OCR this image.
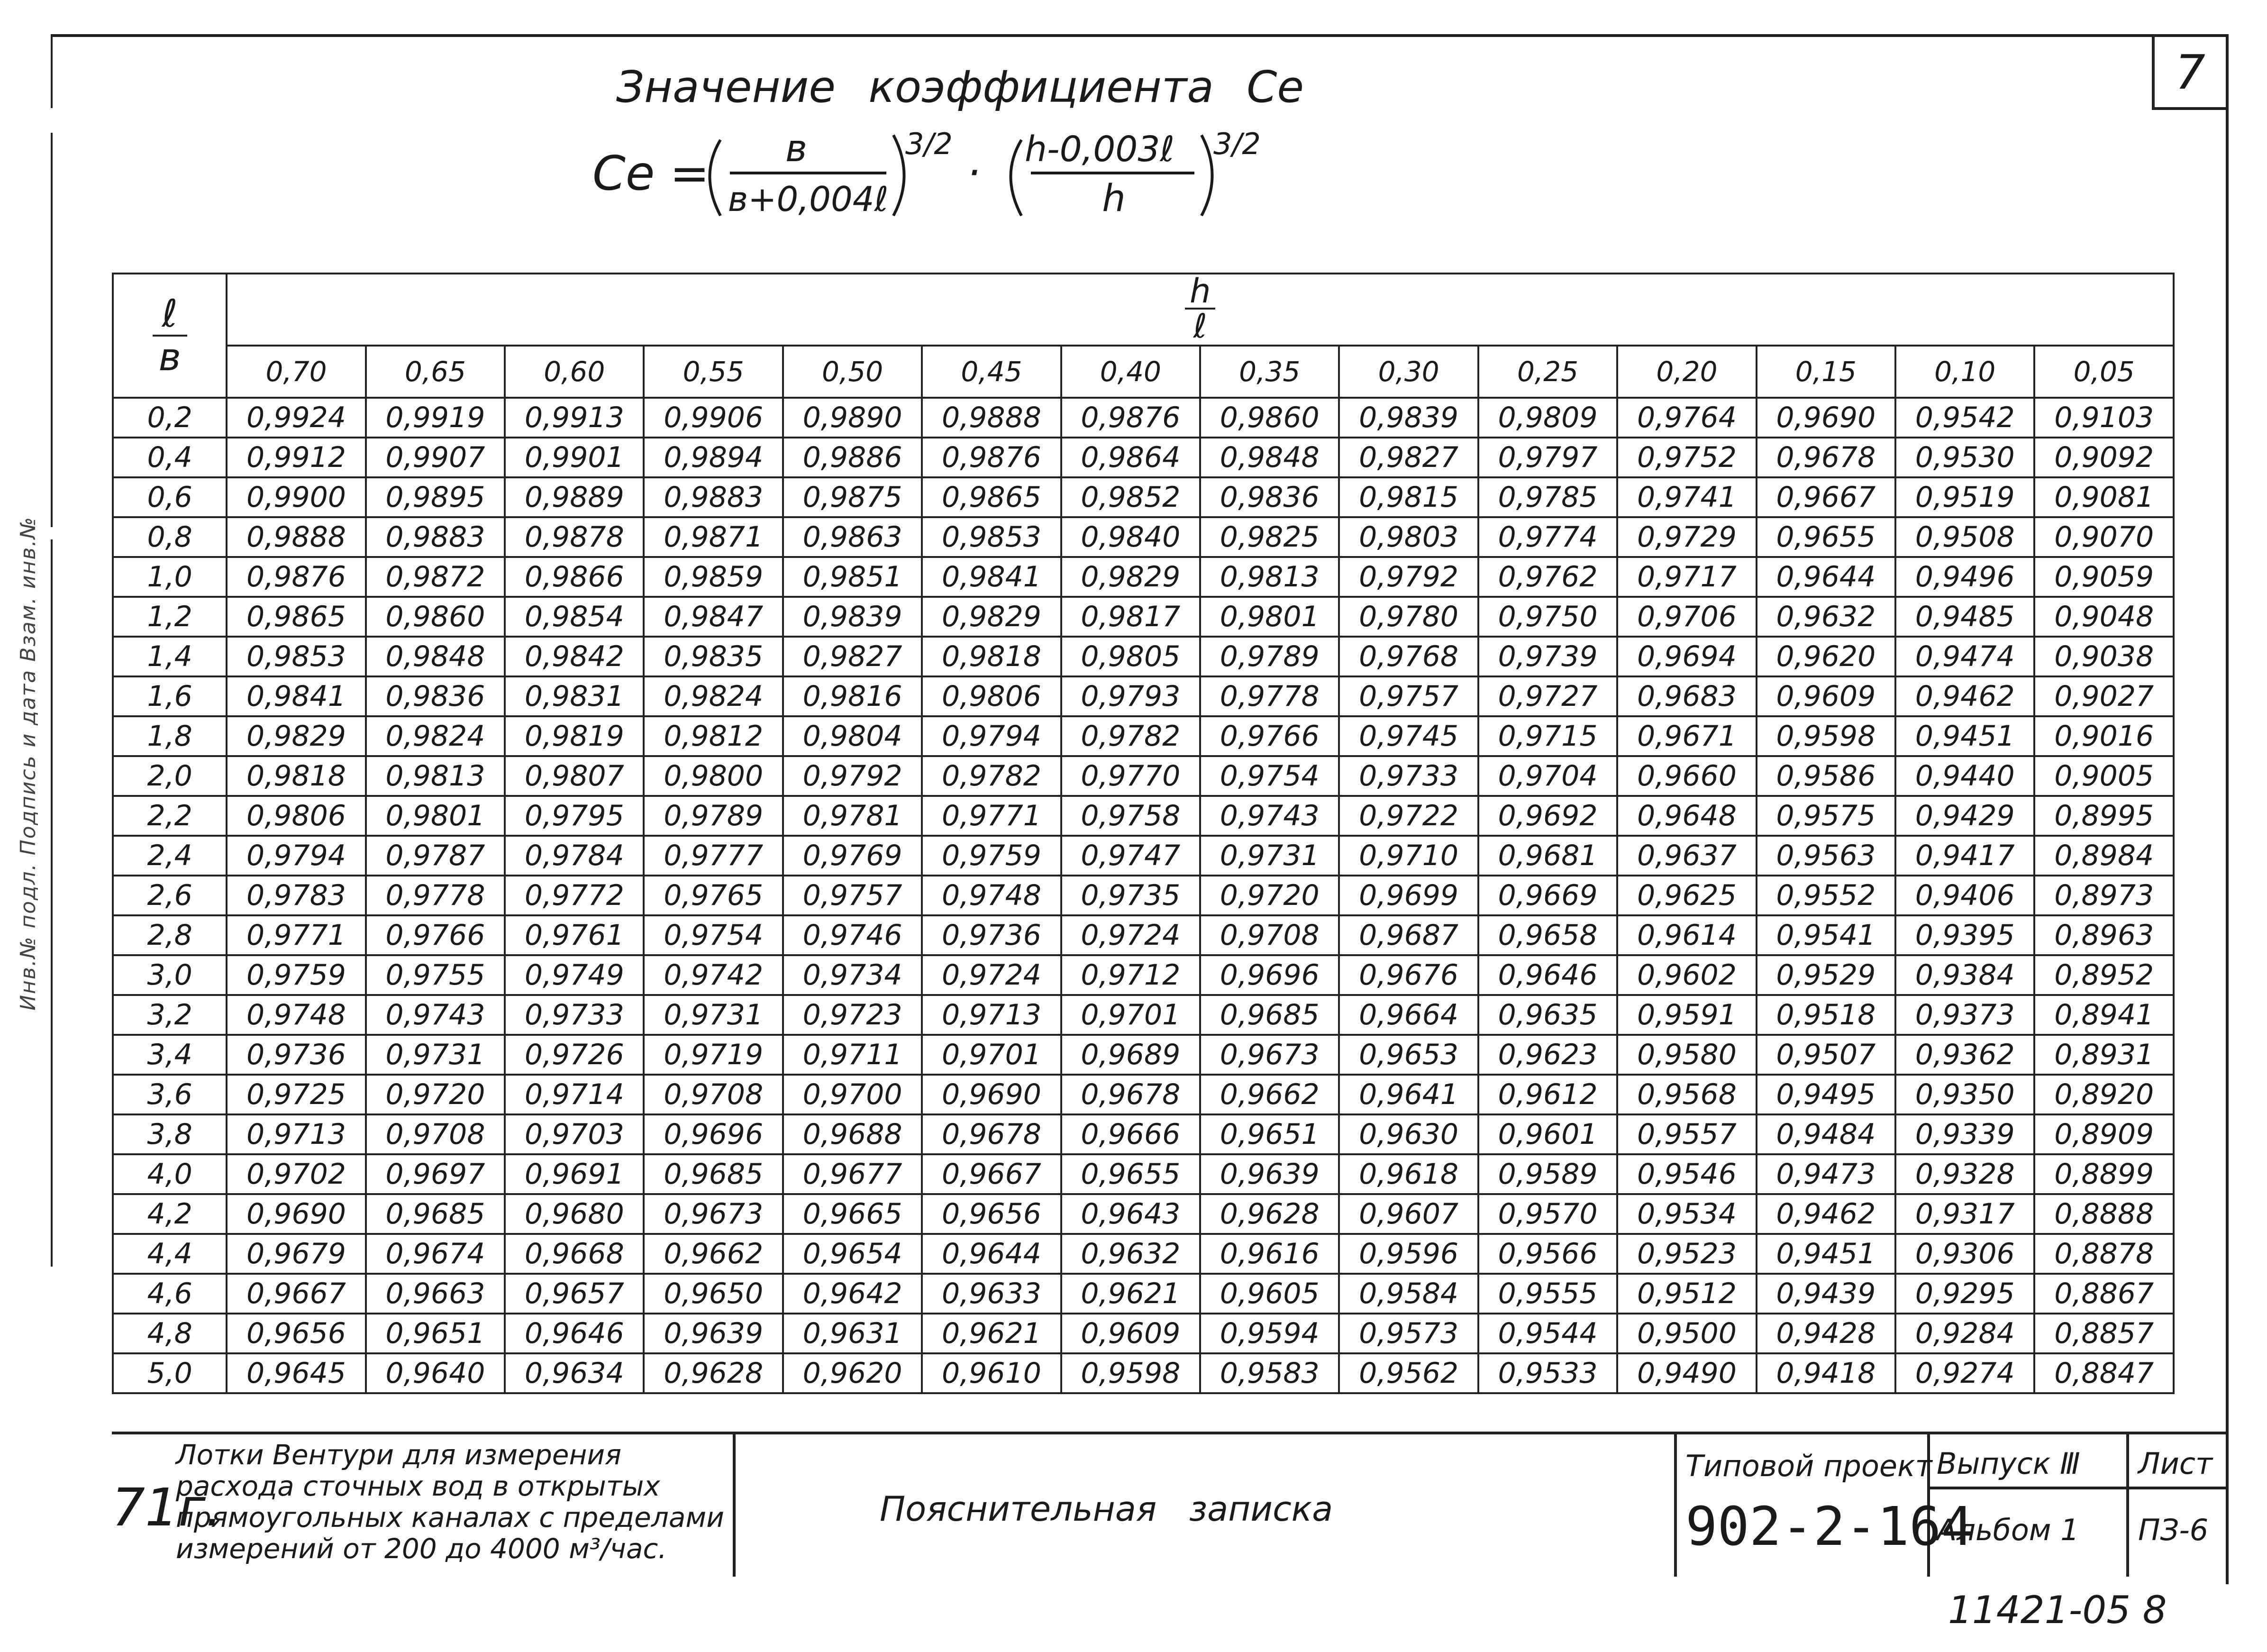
Инв.№ подл. Подпись и дата Взам. инв.№
7
Значение коэффициента Се
Се = в
в+0,004ℓ
3/2
· h-0,003ℓ
h
3/2
$\frac{\text{ℓ}}{в}$	$\frac{h}{\text{ℓ}}$
	0,70	0,65	0,60	0,55	0,50	0,45	0,40	0,35	0,30	0,25	0,20	0,15	0,10	0,05
0,2	0,9924	0,9919	0,9913	0,9906	0,9890	0,9888	0,9876	0,9860	0,9839	0,9809	0,9764	0,9690	0,9542	0,9103
0,4	0,9912	0,9907	0,9901	0,9894	0,9886	0,9876	0,9864	0,9848	0,9827	0,9797	0,9752	0,9678	0,9530	0,9092
0,6	0,9900	0,9895	0,9889	0,9883	0,9875	0,9865	0,9852	0,9836	0,9815	0,9785	0,9741	0,9667	0,9519	0,9081
0,8	0,9888	0,9883	0,9878	0,9871	0,9863	0,9853	0,9840	0,9825	0,9803	0,9774	0,9729	0,9655	0,9508	0,9070
1,0	0,9876	0,9872	0,9866	0,9859	0,9851	0,9841	0,9829	0,9813	0,9792	0,9762	0,9717	0,9644	0,9496	0,9059
1,2	0,9865	0,9860	0,9854	0,9847	0,9839	0,9829	0,9817	0,9801	0,9780	0,9750	0,9706	0,9632	0,9485	0,9048
1,4	0,9853	0,9848	0,9842	0,9835	0,9827	0,9818	0,9805	0,9789	0,9768	0,9739	0,9694	0,9620	0,9474	0,9038
1,6	0,9841	0,9836	0,9831	0,9824	0,9816	0,9806	0,9793	0,9778	0,9757	0,9727	0,9683	0,9609	0,9462	0,9027
1,8	0,9829	0,9824	0,9819	0,9812	0,9804	0,9794	0,9782	0,9766	0,9745	0,9715	0,9671	0,9598	0,9451	0,9016
2,0	0,9818	0,9813	0,9807	0,9800	0,9792	0,9782	0,9770	0,9754	0,9733	0,9704	0,9660	0,9586	0,9440	0,9005
2,2	0,9806	0,9801	0,9795	0,9789	0,9781	0,9771	0,9758	0,9743	0,9722	0,9692	0,9648	0,9575	0,9429	0,8995
2,4	0,9794	0,9787	0,9784	0,9777	0,9769	0,9759	0,9747	0,9731	0,9710	0,9681	0,9637	0,9563	0,9417	0,8984
2,6	0,9783	0,9778	0,9772	0,9765	0,9757	0,9748	0,9735	0,9720	0,9699	0,9669	0,9625	0,9552	0,9406	0,8973
2,8	0,9771	0,9766	0,9761	0,9754	0,9746	0,9736	0,9724	0,9708	0,9687	0,9658	0,9614	0,9541	0,9395	0,8963
3,0	0,9759	0,9755	0,9749	0,9742	0,9734	0,9724	0,9712	0,9696	0,9676	0,9646	0,9602	0,9529	0,9384	0,8952
3,2	0,9748	0,9743	0,9733	0,9731	0,9723	0,9713	0,9701	0,9685	0,9664	0,9635	0,9591	0,9518	0,9373	0,8941
3,4	0,9736	0,9731	0,9726	0,9719	0,9711	0,9701	0,9689	0,9673	0,9653	0,9623	0,9580	0,9507	0,9362	0,8931
3,6	0,9725	0,9720	0,9714	0,9708	0,9700	0,9690	0,9678	0,9662	0,9641	0,9612	0,9568	0,9495	0,9350	0,8920
3,8	0,9713	0,9708	0,9703	0,9696	0,9688	0,9678	0,9666	0,9651	0,9630	0,9601	0,9557	0,9484	0,9339	0,8909
4,0	0,9702	0,9697	0,9691	0,9685	0,9677	0,9667	0,9655	0,9639	0,9618	0,9589	0,9546	0,9473	0,9328	0,8899
4,2	0,9690	0,9685	0,9680	0,9673	0,9665	0,9656	0,9643	0,9628	0,9607	0,9570	0,9534	0,9462	0,9317	0,8888
4,4	0,9679	0,9674	0,9668	0,9662	0,9654	0,9644	0,9632	0,9616	0,9596	0,9566	0,9523	0,9451	0,9306	0,8878
4,6	0,9667	0,9663	0,9657	0,9650	0,9642	0,9633	0,9621	0,9605	0,9584	0,9555	0,9512	0,9439	0,9295	0,8867
4,8	0,9656	0,9651	0,9646	0,9639	0,9631	0,9621	0,9609	0,9594	0,9573	0,9544	0,9500	0,9428	0,9284	0,8857
5,0	0,9645	0,9640	0,9634	0,9628	0,9620	0,9610	0,9598	0,9583	0,9562	0,9533	0,9490	0,9418	0,9274	0,8847
71г.
Лотки Вентури для измерения
расхода сточных вод в открытых
прямоугольных каналах с пределами
измерений от 200 до 4000 м³/час.
Пояснительная   записка
Типовой проект
902-2-164
Выпуск Ⅲ
Альбом 1
Лист
ПЗ-6
11421-05 8
